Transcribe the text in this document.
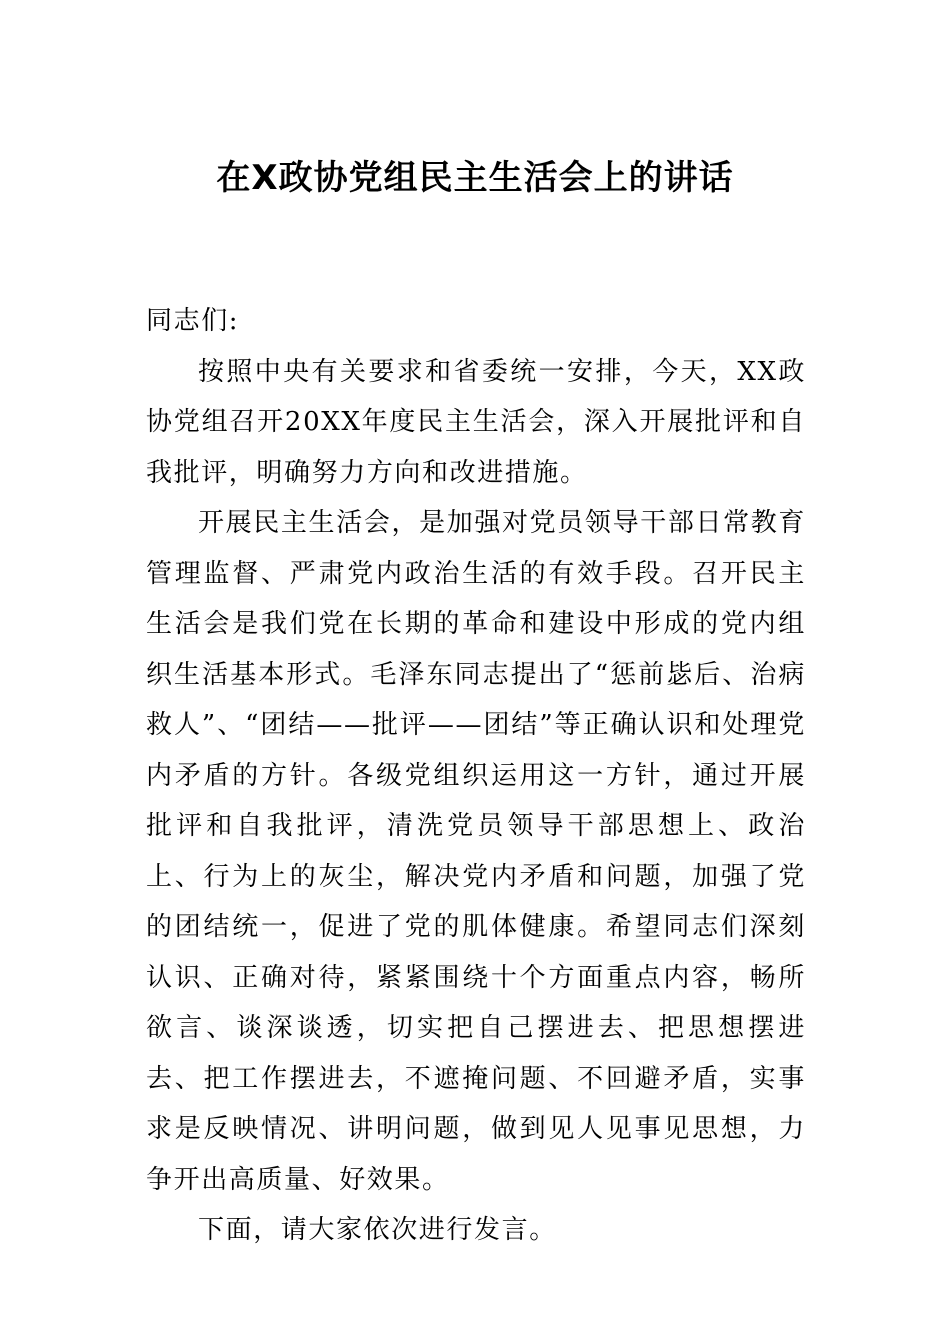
在X政协党组民主生活会上的讲话

同志们:

按照中央有关要求和省委统一安排，今天，XX政协党组召开20XX年度民主生活会，深入开展批评和自我批评，明确努力方向和改进措施。

开展民主生活会，是加强对党员领导干部日常教育管理监督、严肃党内政治生活的有效手段。召开民主生活会是我们党在长期的革命和建设中形成的党内组织生活基本形式。毛泽东同志提出了“惩前毖后、治病救人”、“团结——批评——团结”等正确认识和处理党内矛盾的方针。各级党组织运用这一方针，通过开展批评和自我批评，清洗党员领导干部思想上、政治上、行为上的灰尘，解决党内矛盾和问题，加强了党的团结统一，促进了党的肌体健康。希望同志们深刻认识、正确对待，紧紧围绕十个方面重点内容，畅所欲言、谈深谈透，切实把自己摆进去、把思想摆进去、把工作摆进去，不遮掩问题、不回避矛盾，实事求是反映情况、讲明问题，做到见人见事见思想，力争开出高质量、好效果。

下面，请大家依次进行发言。
